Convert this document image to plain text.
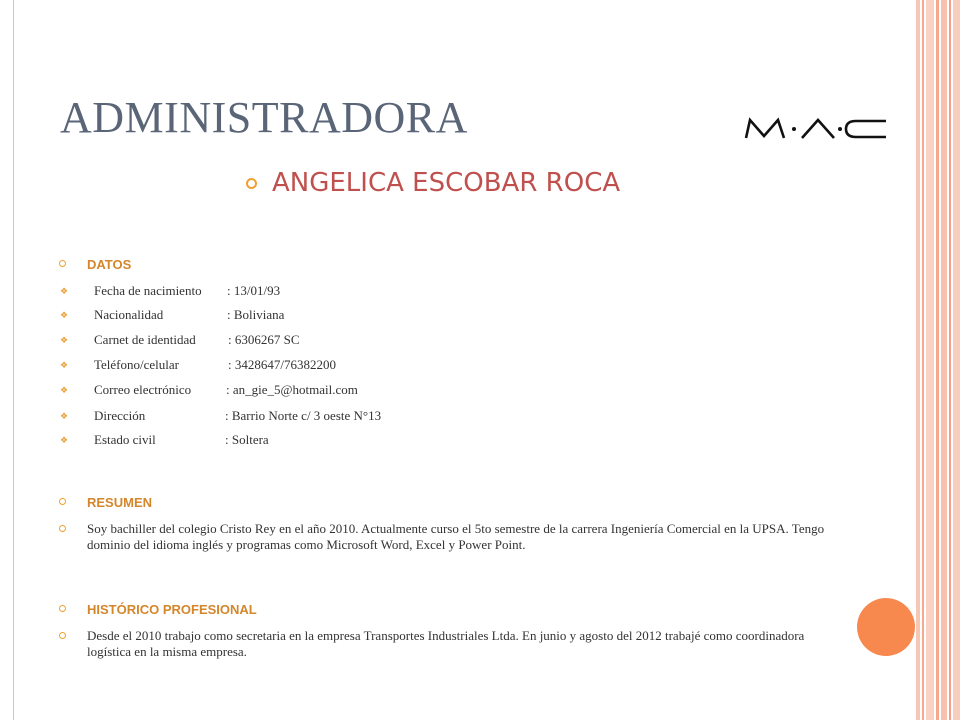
ADMINISTRADORA
ANGELICA ESCOBAR ROCA
DATOS
❖ Fecha de nacimiento : 13/01/93
❖ Nacionalidad	: Boliviana
❖ Carnet de identidad : 6306267 SC
❖ Teléfono/celular	: 3428647/76382200
❖ Correo electrónico	: an_gie_5@hotmail.com
❖ Dirección	: Barrio Norte c/ 3 oeste N°13
❖ Estado civil	: Soltera
RESUMEN
Soy bachiller del colegio Cristo Rey en el año 2010. Actualmente curso el 5to semestre de la carrera Ingeniería Comercial en la UPSA. Tengo dominio del idioma inglés y programas como Microsoft Word, Excel y Power Point.
HISTÓRICO PROFESIONAL
Desde el 2010 trabajo como secretaria en la empresa Transportes Industriales Ltda. En junio y agosto del 2012 trabajé como coordinadora logística en la misma empresa.
